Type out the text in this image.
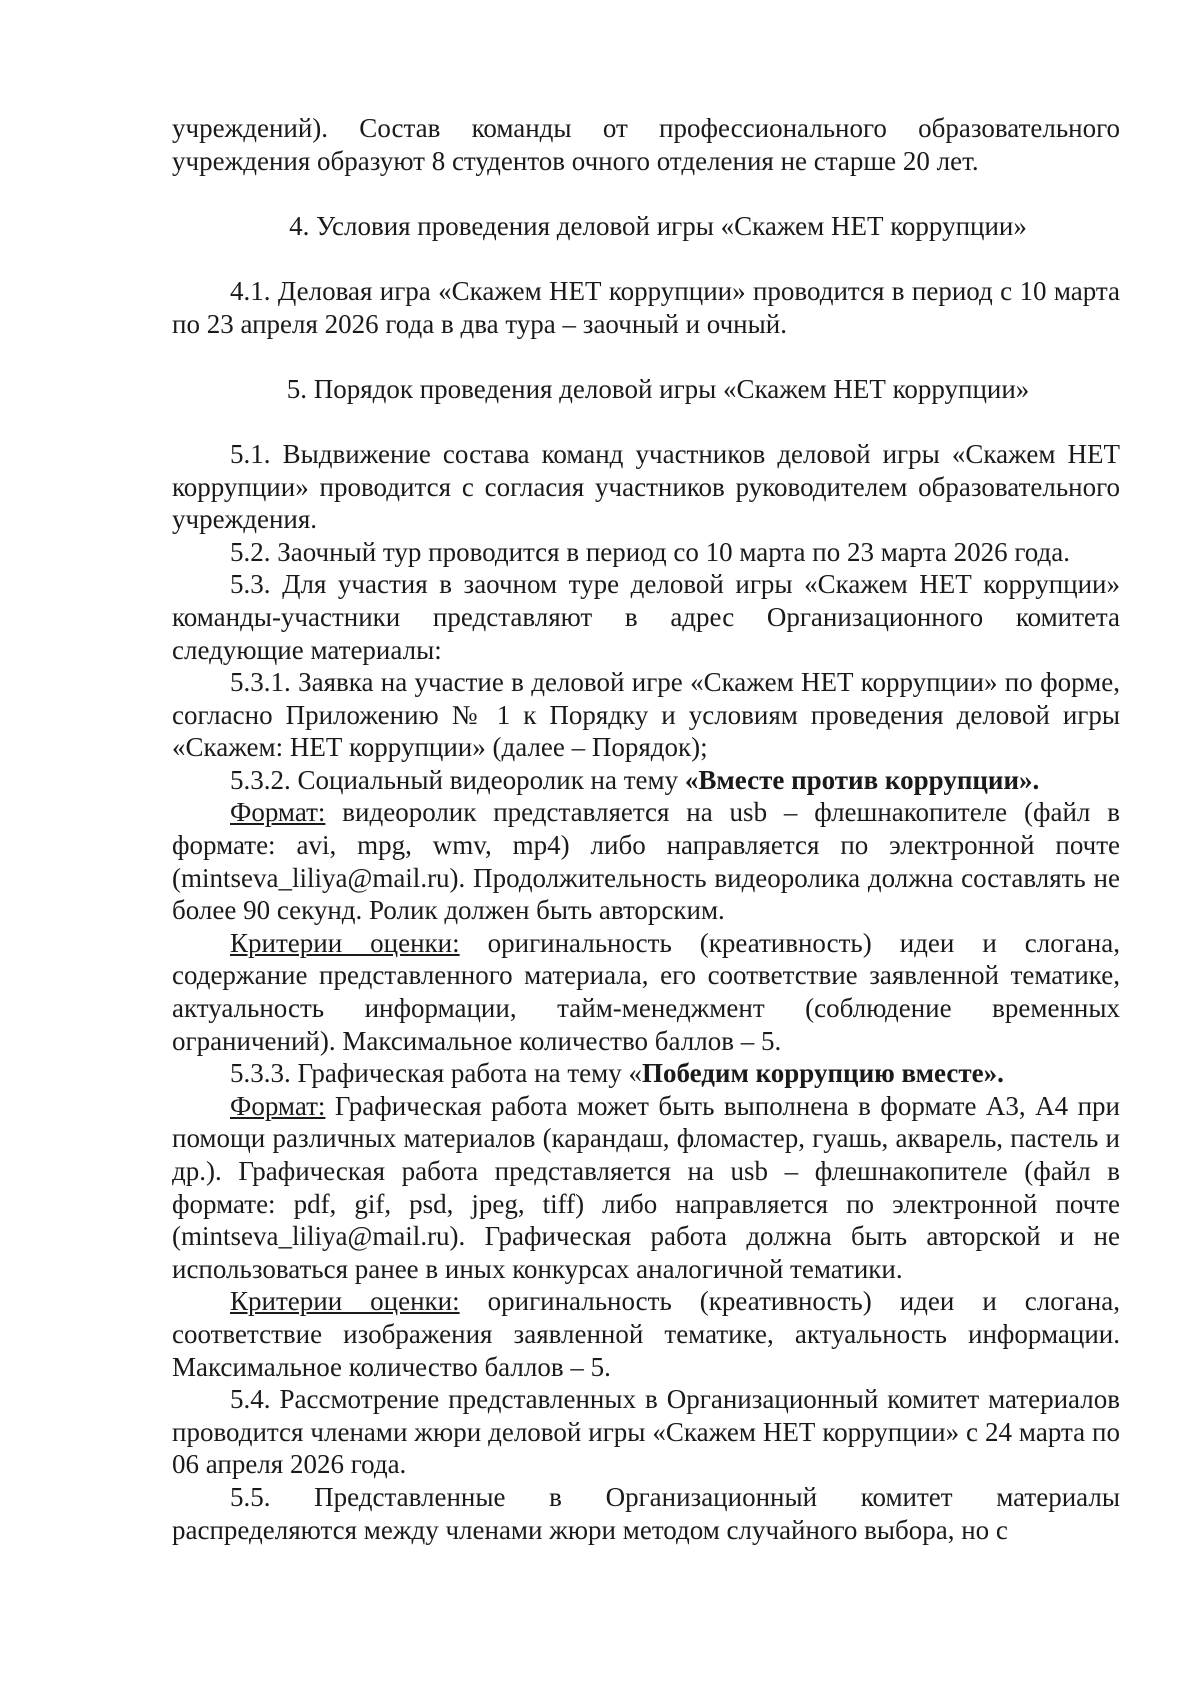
учреждений). Состав команды от профессионального образовательного учреждения образуют 8 студентов очного отделения не старше 20 лет.

4. Условия проведения деловой игры «Скажем НЕТ коррупции»

4.1. Деловая игра «Скажем НЕТ коррупции» проводится в период с 10 марта по 23 апреля 2026 года в два тура – заочный и очный.

5. Порядок проведения деловой игры «Скажем НЕТ коррупции»

5.1. Выдвижение состава команд участников деловой игры «Скажем НЕТ коррупции» проводится с согласия участников руководителем образовательного учреждения.

5.2. Заочный тур проводится в период со 10 марта по 23 марта 2026 года.

5.3. Для участия в заочном туре деловой игры «Скажем НЕТ коррупции» команды-участники представляют в адрес Организационного комитета следующие материалы:

5.3.1. Заявка на участие в деловой игре «Скажем НЕТ коррупции» по форме, согласно Приложению № 1 к Порядку и условиям проведения деловой игры «Скажем: НЕТ коррупции» (далее – Порядок);

5.3.2. Социальный видеоролик на тему «Вместе против коррупции».

Формат: видеоролик представляется на usb – флешнакопителе (файл в формате: avi, mpg, wmv, mp4) либо направляется по электронной почте (mintseva_liliya@mail.ru). Продолжительность видеоролика должна составлять не более 90 секунд. Ролик должен быть авторским.

Критерии оценки: оригинальность (креативность) идеи и слогана, содержание представленного материала, его соответствие заявленной тематике, актуальность информации, тайм-менеджмент (соблюдение временных ограничений). Максимальное количество баллов – 5.

5.3.3. Графическая работа на тему «Победим коррупцию вместе».

Формат: Графическая работа может быть выполнена в формате А3, А4 при помощи различных материалов (карандаш, фломастер, гуашь, акварель, пастель и др.). Графическая работа представляется на usb – флешнакопителе (файл в формате: pdf, gif, psd, jpeg, tiff) либо направляется по электронной почте (mintseva_liliya@mail.ru). Графическая работа должна быть авторской и не использоваться ранее в иных конкурсах аналогичной тематики.

Критерии оценки: оригинальность (креативность) идеи и слогана, соответствие изображения заявленной тематике, актуальность информации. Максимальное количество баллов – 5.

5.4. Рассмотрение представленных в Организационный комитет материалов проводится членами жюри деловой игры «Скажем НЕТ коррупции» с 24 марта по 06 апреля 2026 года.

5.5. Представленные в Организационный комитет материалы распределяются между членами жюри методом случайного выбора, но с
